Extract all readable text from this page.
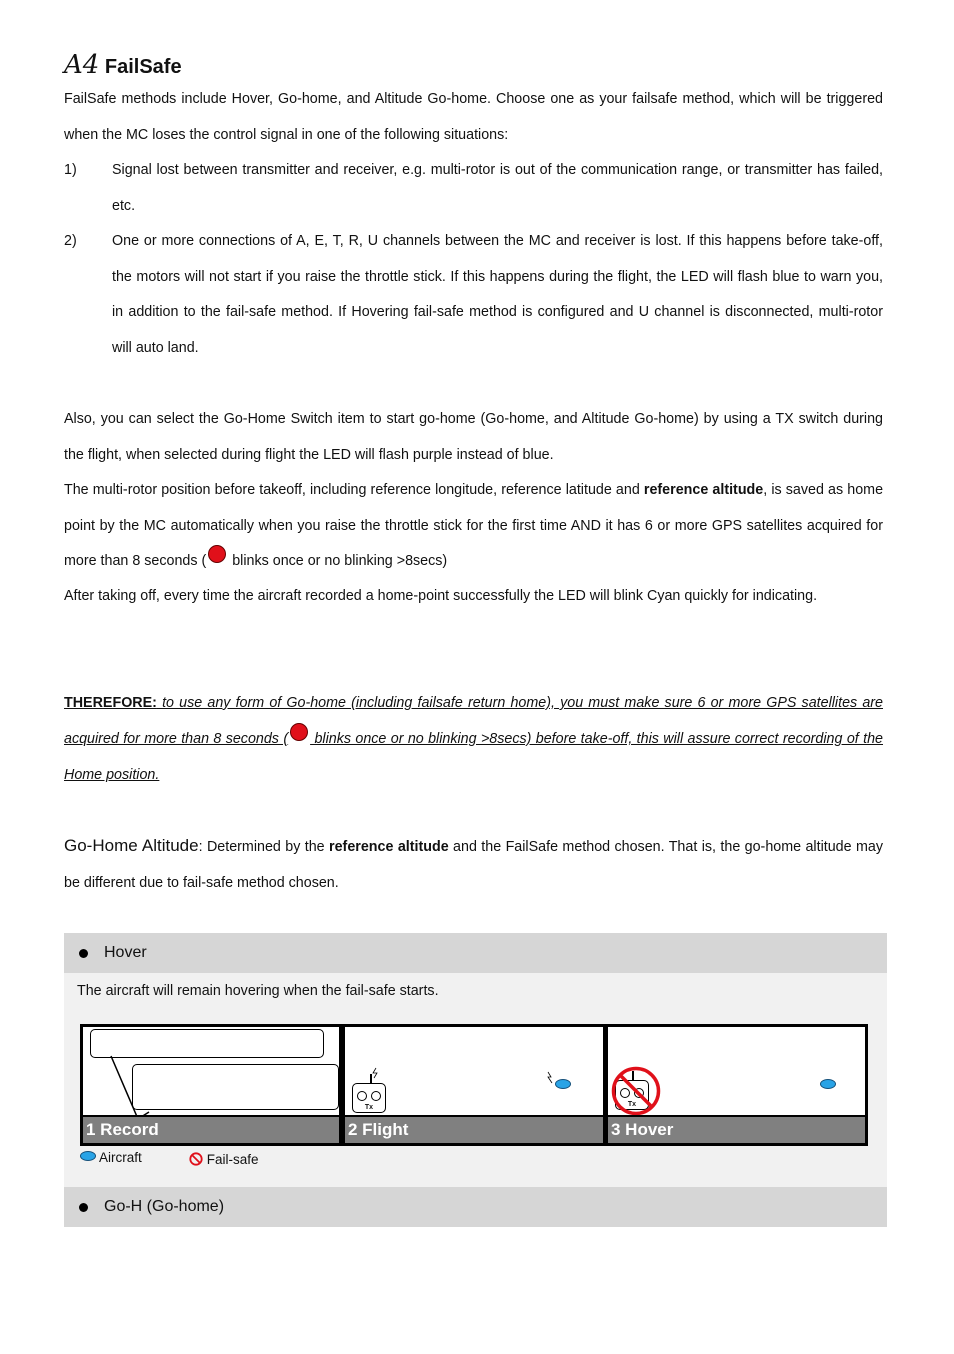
A4 FailSafe
FailSafe methods include Hover, Go-home, and Altitude Go-home. Choose one as your failsafe method, which will be triggered when the MC loses the control signal in one of the following situations:
1) Signal lost between transmitter and receiver, e.g. multi-rotor is out of the communication range, or transmitter has failed, etc.
2) One or more connections of A, E, T, R, U channels between the MC and receiver is lost. If this happens before take-off, the motors will not start if you raise the throttle stick. If this happens during the flight, the LED will flash blue to warn you, in addition to the fail-safe method. If Hovering fail-safe method is configured and U channel is disconnected, multi-rotor will auto land.
Also, you can select the Go-Home Switch item to start go-home (Go-home, and Altitude Go-home) by using a TX switch during the flight, when selected during flight the LED will flash purple instead of blue.
The multi-rotor position before takeoff, including reference longitude, reference latitude and reference altitude, is saved as home point by the MC automatically when you raise the throttle stick for the first time AND it has 6 or more GPS satellites acquired for more than 8 seconds ( blinks once or no blinking >8secs)
After taking off, every time the aircraft recorded a home-point successfully the LED will blink Cyan quickly for indicating.
THEREFORE: to use any form of Go-home (including failsafe return home), you must make sure 6 or more GPS satellites are acquired for more than 8 seconds ( blinks once or no blinking >8secs) before take-off, this will assure correct recording of the Home position.
Go-Home Altitude: Determined by the reference altitude and the FailSafe method chosen. That is, the go-home altitude may be different due to fail-safe method chosen.
Hover
The aircraft will remain hovering when the fail-safe starts.
1 Record
Tx
2 Flight
Tx
3 Hover
Aircraft	Fail-safe
Go-H (Go-home)
